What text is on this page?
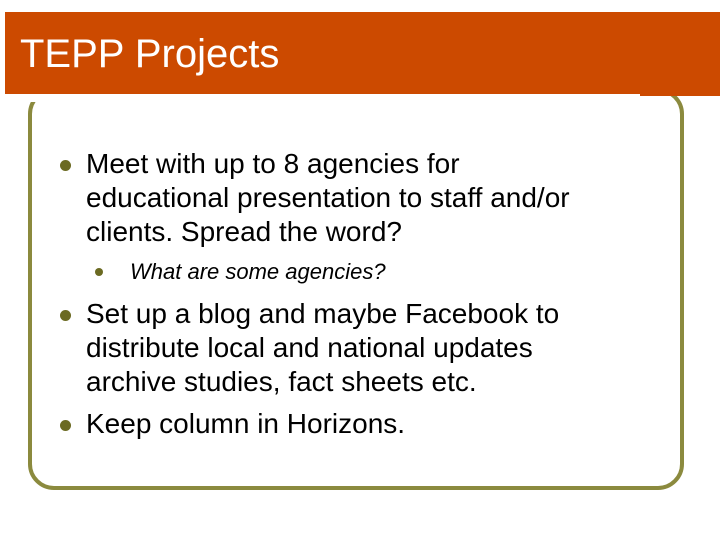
TEPP Projects
Meet with up to 8 agencies for
educational presentation to staff and/or
clients. Spread the word?
What are some agencies?
Set up a blog and maybe Facebook to
distribute local and national updates
archive studies, fact sheets etc.
Keep column in Horizons.
